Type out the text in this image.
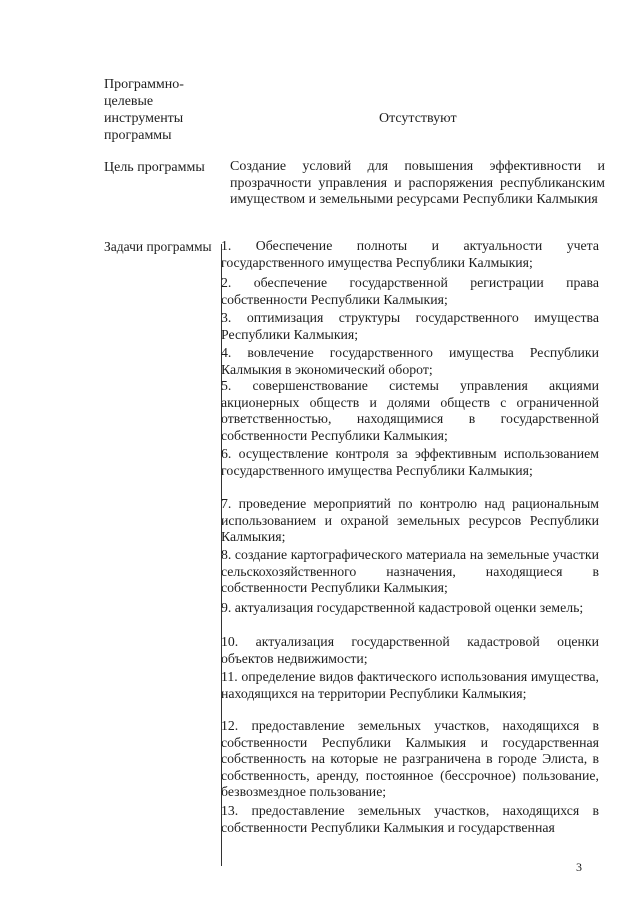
Программно-целевые инструменты программы
Отсутствуют
Цель программы	Создание условий для повышения эффективности и прозрачности управления и распоряжения республиканским имуществом и земельными ресурсами Республики Калмыкия
Задачи программы 1. Обеспечение полноты и актуальности учета государственного имущества Республики Калмыкия;
2. обеспечение государственной регистрации права собственности Республики Калмыкия;
3. оптимизация структуры государственного имущества Республики Калмыкия;
4. вовлечение государственного имущества Республики Калмыкия в экономический оборот;
5. совершенствование системы управления акциями акционерных обществ и долями обществ с ограниченной ответственностью, находящимися в государственной собственности Республики Калмыкия;
6. осуществление контроля за эффективным использованием государственного имущества Республики Калмыкия;
7. проведение мероприятий по контролю над рациональным использованием и охраной земельных ресурсов Республики Калмыкия;
8. создание картографического материала на земельные участки сельскохозяйственного назначения, находящиеся в собственности Республики Калмыкия;
9. актуализация государственной кадастровой оценки земель;
10. актуализация государственной кадастровой оценки объектов недвижимости;
11. определение видов фактического использования имущества, находящихся на территории Республики Калмыкия;
12. предоставление земельных участков, находящихся в собственности Республики Калмыкия и государственная собственность на которые не разграничена в городе Элиста, в собственность, аренду, постоянное (бессрочное) пользование, безвозмездное пользование;
13. предоставление земельных участков, находящихся в собственности Республики Калмыкия и государственная
3
